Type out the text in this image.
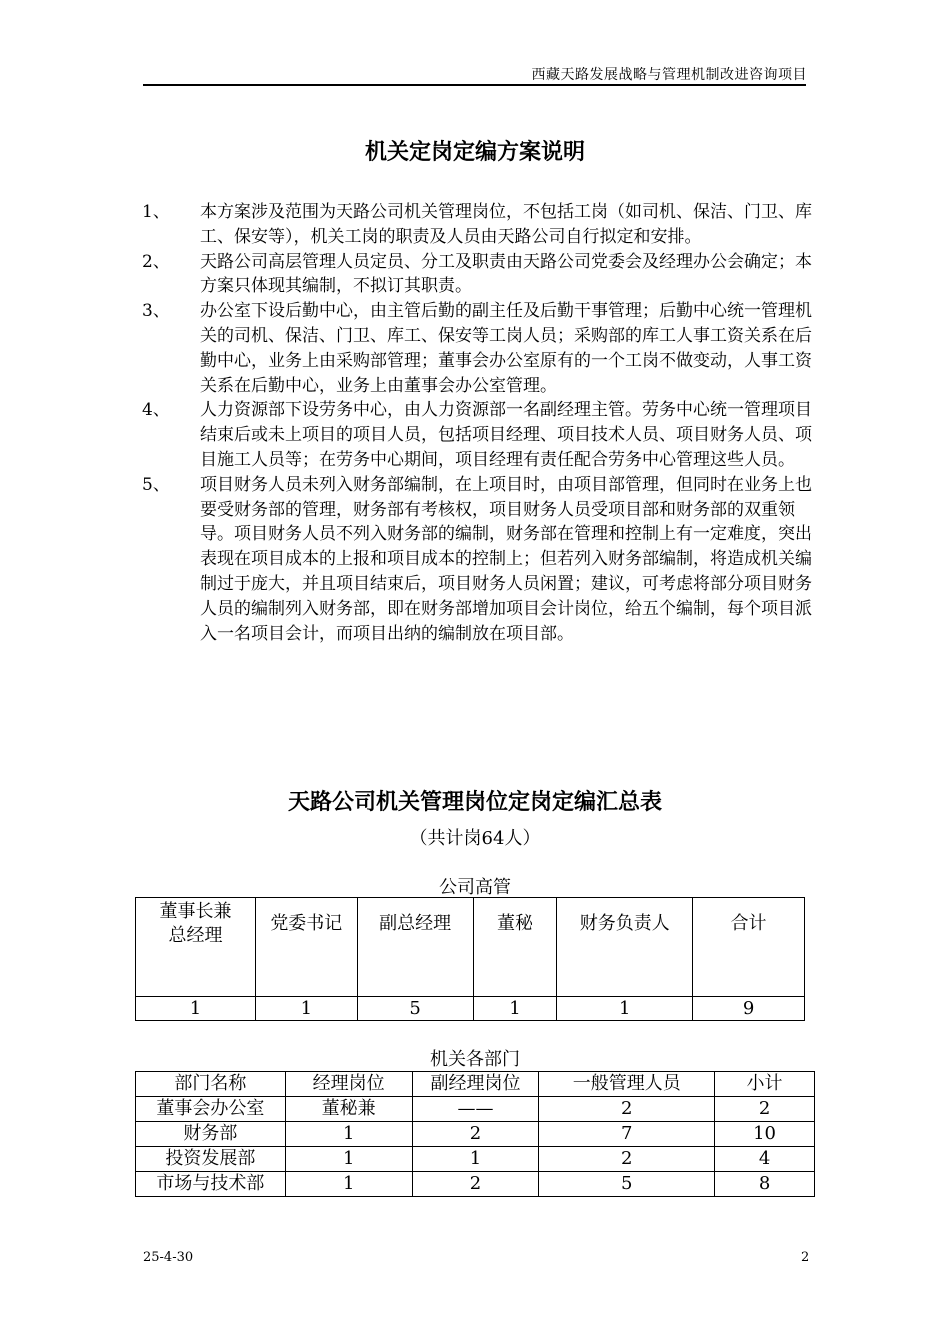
西藏天路发展战略与管理机制改进咨询项目
机关定岗定编方案说明

1、	本方案涉及范围为天路公司机关管理岗位，不包括工岗（如司机、保洁、门卫、库工、保安等），机关工岗的职责及人员由天路公司自行拟定和安排。

2、	天路公司高层管理人员定员、分工及职责由天路公司党委会及经理办公会确定；本方案只体现其编制，不拟订其职责。

3、	办公室下设后勤中心，由主管后勤的副主任及后勤干事管理；后勤中心统一管理机关的司机、保洁、门卫、库工、保安等工岗人员；采购部的库工人事工资关系在后勤中心，业务上由采购部管理；董事会办公室原有的一个工岗不做变动，人事工资关系在后勤中心，业务上由董事会办公室管理。

4、	人力资源部下设劳务中心，由人力资源部一名副经理主管。劳务中心统一管理项目结束后或未上项目的项目人员，包括项目经理、项目技术人员、项目财务人员、项目施工人员等；在劳务中心期间，项目经理有责任配合劳务中心管理这些人员。

5、	项目财务人员未列入财务部编制，在上项目时，由项目部管理，但同时在业务上也要受财务部的管理，财务部有考核权，项目财务人员受项目部和财务部的双重领导。项目财务人员不列入财务部的编制，财务部在管理和控制上有一定难度，突出表现在项目成本的上报和项目成本的控制上；但若列入财务部编制，将造成机关编制过于庞大，并且项目结束后，项目财务人员闲置；建议，可考虑将部分项目财务人员的编制列入财务部，即在财务部增加项目会计岗位，给五个编制，每个项目派入一名项目会计，而项目出纳的编制放在项目部。

天路公司机关管理岗位定岗定编汇总表
（共计岗64人）
公司高管
董事长兼总经理	党委书记	副总经理	董秘	财务负责人	合计

1	1	5	1	1	9
机关各部门
部门名称	经理岗位	副经理岗位	一般管理人员	小计
董事会办公室	董秘兼	——	2	2
财务部	1	2	7	10
投资发展部	1	1	2	4
市场与技术部	1	2	5	8
25-4-30	2
